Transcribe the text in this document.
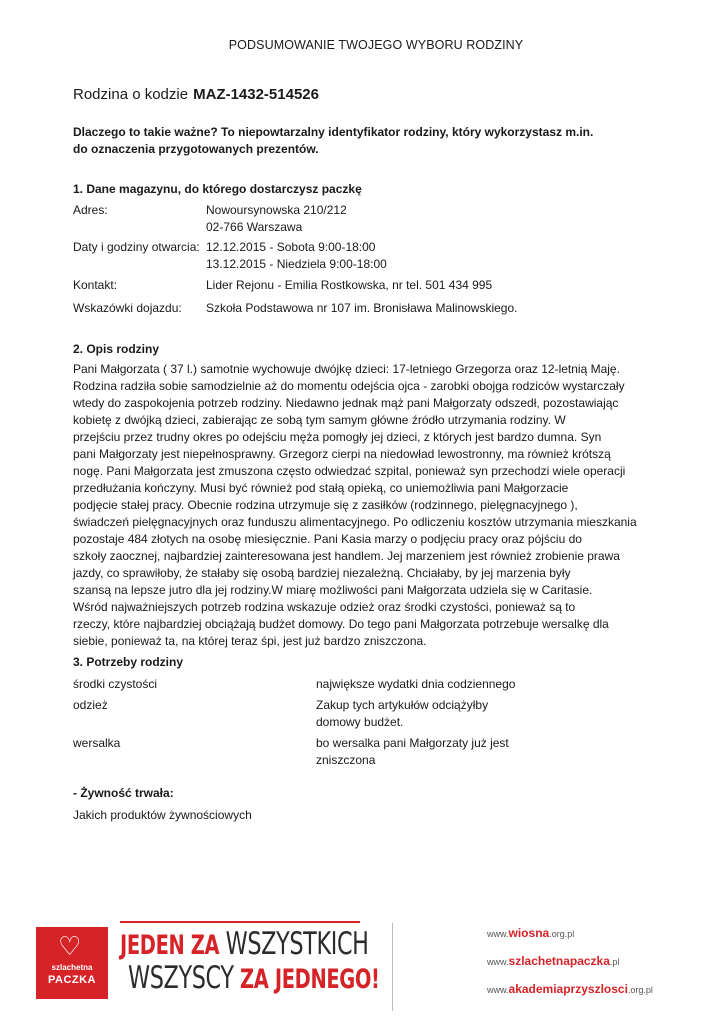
PODSUMOWANIE TWOJEGO WYBORU RODZINY
Rodzina o kodzie MAZ-1432-514526
Dlaczego to takie ważne? To niepowtarzalny identyfikator rodziny, który wykorzystasz m.in.
do oznaczenia przygotowanych prezentów.
1. Dane magazynu, do którego dostarczysz paczkę
Adres:	Nowoursynowska 210/212
02-766 Warszawa
Daty i godziny otwarcia: 12.12.2015 - Sobota 9:00-18:00
13.12.2015 - Niedziela 9:00-18:00
Kontakt:	Lider Rejonu - Emilia Rostkowska, nr tel. 501 434 995
Wskazówki dojazdu: Szkoła Podstawowa nr 107 im. Bronisława Malinowskiego.
2. Opis rodziny
Pani Małgorzata ( 37 l.) samotnie wychowuje dwójkę dzieci: 17-letniego Grzegorza oraz 12-letnią Maję.
Rodzina radziła sobie samodzielnie aż do momentu odejścia ojca - zarobki obojga rodziców wystarczały
wtedy do zaspokojenia potrzeb rodziny. Niedawno jednak mąż pani Małgorzaty odszedł, pozostawiając
kobietę z dwójką dzieci, zabierając ze sobą tym samym główne źródło utrzymania rodziny. W
przejściu przez trudny okres po odejściu męża pomogły jej dzieci, z których jest bardzo dumna. Syn
pani Małgorzaty jest niepełnosprawny. Grzegorz cierpi na niedowład lewostronny, ma również krótszą
nogę. Pani Małgorzata jest zmuszona często odwiedzać szpital, ponieważ syn przechodzi wiele operacji
przedłużania kończyny. Musi być również pod stałą opieką, co uniemożliwia pani Małgorzacie
podjęcie stałej pracy. Obecnie rodzina utrzymuje się z zasiłków (rodzinnego, pielęgnacyjnego ),
świadczeń pielęgnacyjnych oraz funduszu alimentacyjnego. Po odliczeniu kosztów utrzymania mieszkania
pozostaje 484 złotych na osobę miesięcznie. Pani Kasia marzy o podjęciu pracy oraz pójściu do
szkoły zaocznej, najbardziej zainteresowana jest handlem. Jej marzeniem jest również zrobienie prawa
jazdy, co sprawiłoby, że stałaby się osobą bardziej niezależną. Chciałaby, by jej marzenia były
szansą na lepsze jutro dla jej rodziny.W miarę możliwości pani Małgorzata udziela się w Caritasie.
Wśród najważniejszych potrzeb rodzina wskazuje odzież oraz środki czystości, ponieważ są to
rzeczy, które najbardziej obciążają budżet domowy. Do tego pani Małgorzata potrzebuje wersalkę dla
siebie, ponieważ ta, na której teraz śpi, jest już bardzo zniszczona.
3. Potrzeby rodziny
środki czystości	największe wydatki dnia codziennego
odzież	Zakup tych artykułów odciążyłby domowy budżet.
wersalka	bo wersalka pani Małgorzaty już jest zniszczona
- Żywność trwała:
Jakich produktów żywnościowych
♡
szlachetna
PACZKA
JEDEN ZA WSZYSTKICH
WSZYSCY ZA JEDNEGO!
www.wiosna.org.pl
www.szlachetnapaczka.pl
www.akademiaprzyszlosci.org.pl
